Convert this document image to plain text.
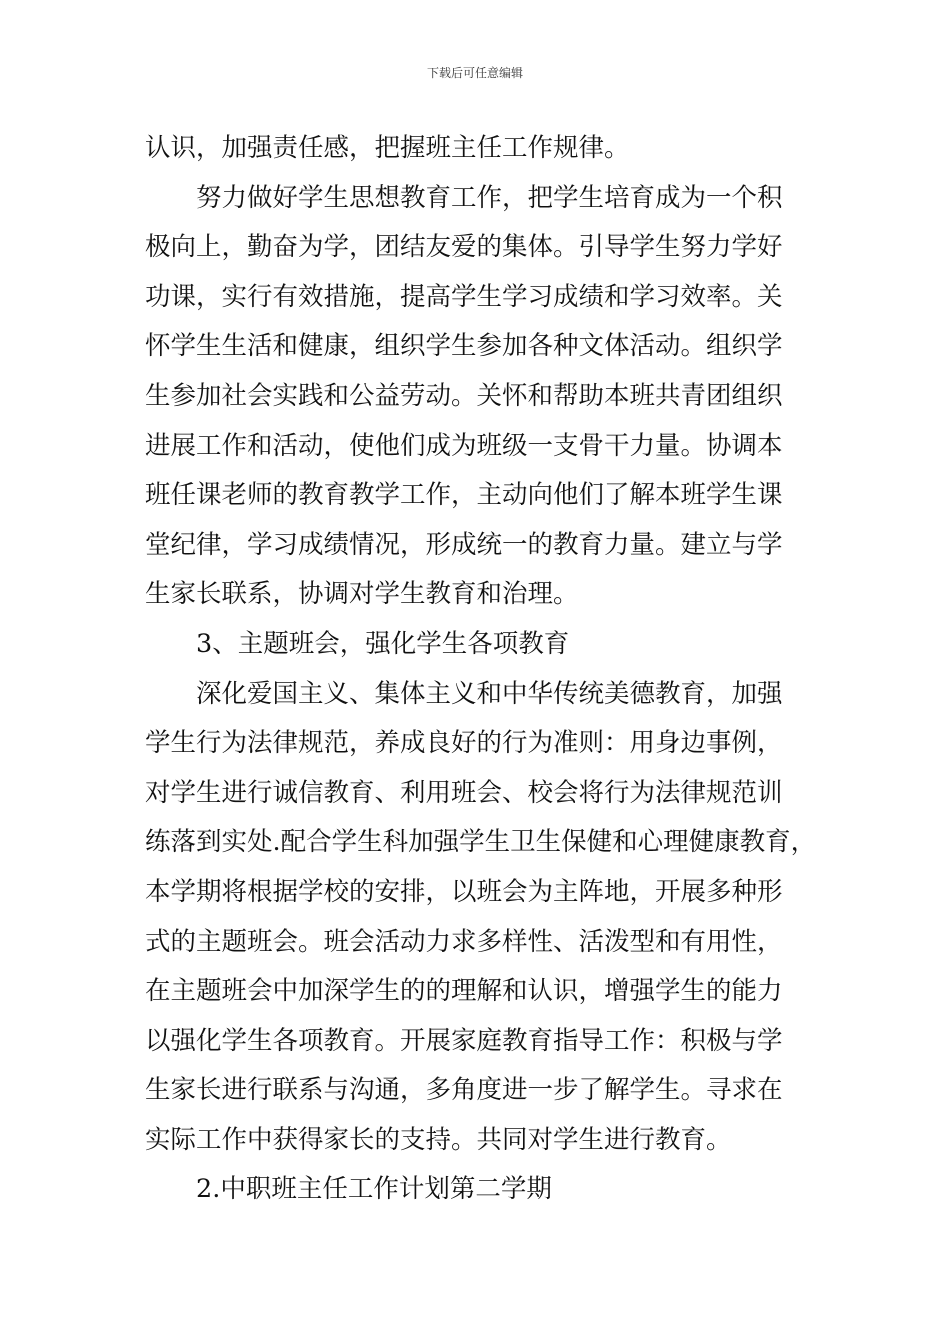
下载后可任意编辑
认识，加强责任感，把握班主任工作规律。
努力做好学生思想教育工作，把学生培育成为一个积
极向上，勤奋为学，团结友爱的集体。引导学生努力学好
功课，实行有效措施，提高学生学习成绩和学习效率。关
怀学生生活和健康，组织学生参加各种文体活动。组织学
生参加社会实践和公益劳动。关怀和帮助本班共青团组织
进展工作和活动，使他们成为班级一支骨干力量。协调本
班任课老师的教育教学工作，主动向他们了解本班学生课
堂纪律，学习成绩情况，形成统一的教育力量。建立与学
生家长联系，协调对学生教育和治理。
3、主题班会，强化学生各项教育
深化爱国主义、集体主义和中华传统美德教育，加强
学生行为法律规范，养成良好的行为准则：用身边事例，
对学生进行诚信教育、利用班会、校会将行为法律规范训
练落到实处.配合学生科加强学生卫生保健和心理健康教育，
本学期将根据学校的安排，以班会为主阵地，开展多种形
式的主题班会。班会活动力求多样性、活泼型和有用性，
在主题班会中加深学生的的理解和认识，增强学生的能力
以强化学生各项教育。开展家庭教育指导工作：积极与学
生家长进行联系与沟通，多角度进一步了解学生。寻求在
实际工作中获得家长的支持。共同对学生进行教育。
2.中职班主任工作计划第二学期
